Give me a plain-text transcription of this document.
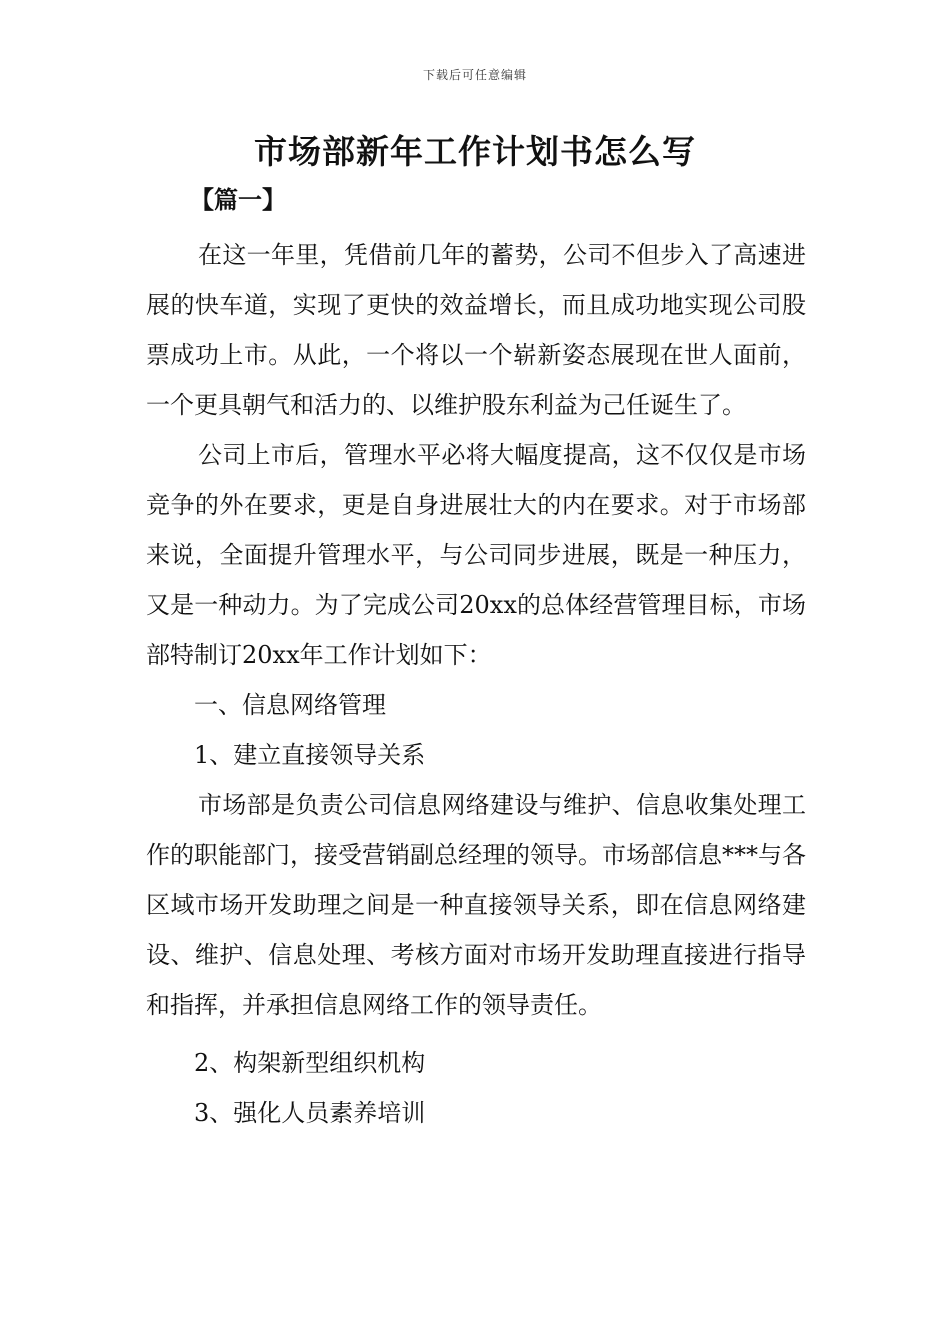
下载后可任意编辑
市场部新年工作计划书怎么写

【篇一】

在这一年里，凭借前几年的蓄势，公司不但步入了高速进展的快车道，实现了更快的效益增长，而且成功地实现公司股票成功上市。从此，一个将以一个崭新姿态展现在世人面前，一个更具朝气和活力的、以维护股东利益为己任诞生了。

公司上市后，管理水平必将大幅度提高，这不仅仅是市场竞争的外在要求，更是自身进展壮大的内在要求。对于市场部来说，全面提升管理水平，与公司同步进展，既是一种压力，又是一种动力。为了完成公司20xx的总体经营管理目标，市场部特制订20xx年工作计划如下：

一、信息网络管理

1、建立直接领导关系

市场部是负责公司信息网络建设与维护、信息收集处理工作的职能部门，接受营销副总经理的领导。市场部信息***与各区域市场开发助理之间是一种直接领导关系，即在信息网络建设、维护、信息处理、考核方面对市场开发助理直接进行指导和指挥，并承担信息网络工作的领导责任。

2、构架新型组织机构

3、强化人员素养培训
